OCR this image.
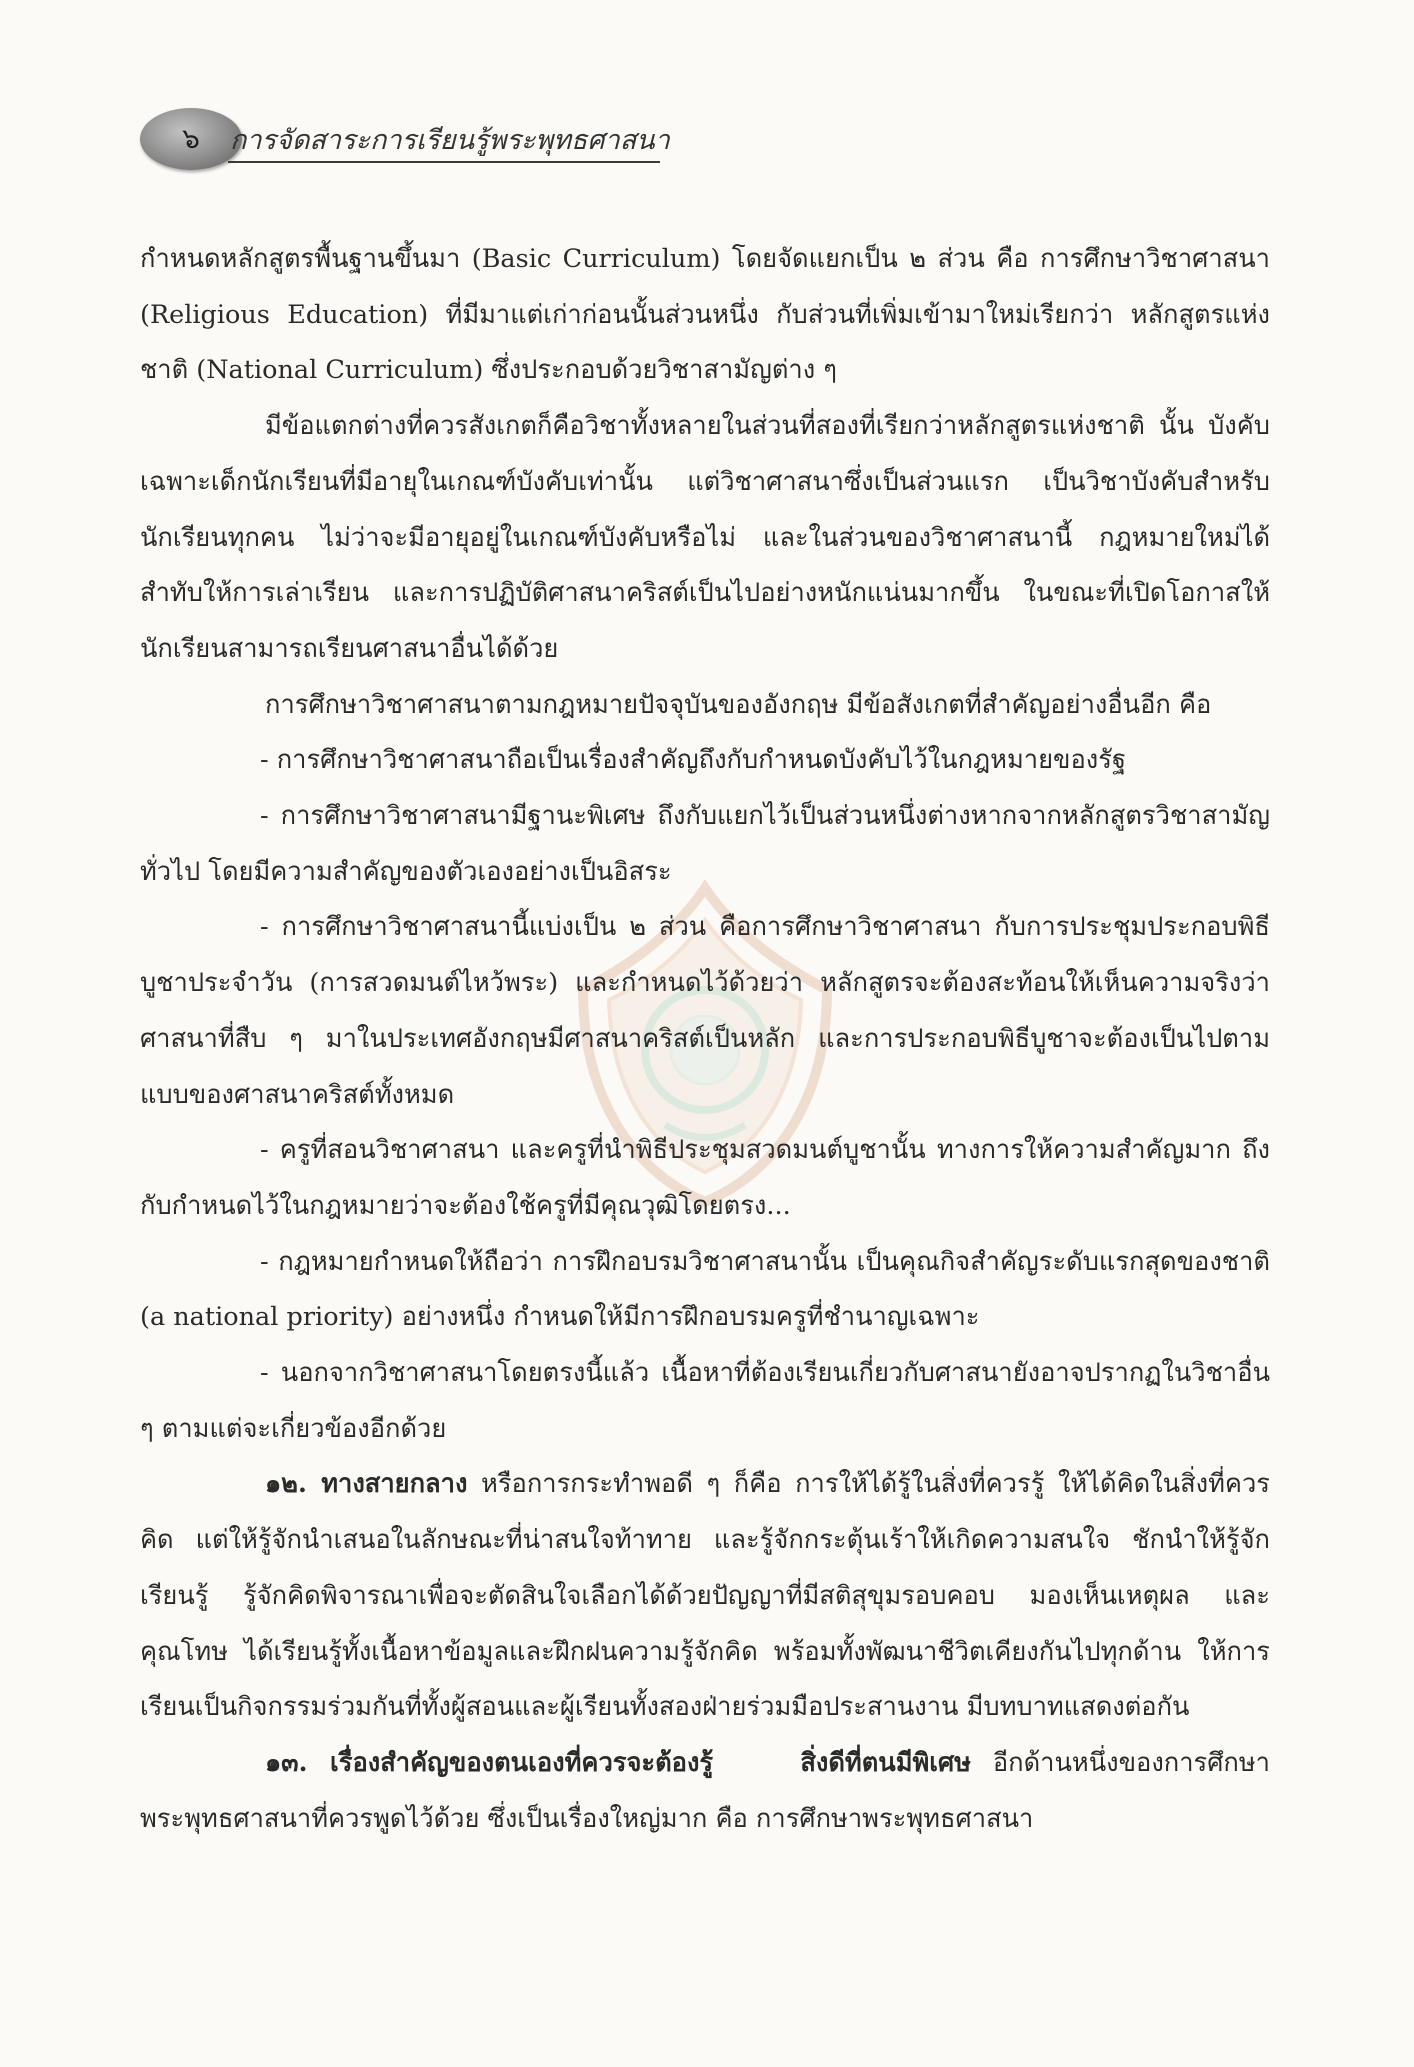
๖ การจัดสาระการเรียนรู้พระพุทธศาสนา

กำหนดหลักสูตรพื้นฐานขึ้นมา (Basic Curriculum) โดยจัดแยกเป็น ๒ ส่วน คือ การศึกษาวิชาศาสนา (Religious Education) ที่มีมาแต่เก่าก่อนนั้นส่วนหนึ่ง กับส่วนที่เพิ่มเข้ามาใหม่เรียกว่า หลักสูตรแห่งชาติ (National Curriculum) ซึ่งประกอบด้วยวิชาสามัญต่าง ๆ

มีข้อแตกต่างที่ควรสังเกตก็คือวิชาทั้งหลายในส่วนที่สองที่เรียกว่าหลักสูตรแห่งชาติ นั้น บังคับเฉพาะเด็กนักเรียนที่มีอายุในเกณฑ์บังคับเท่านั้น แต่วิชาศาสนาซึ่งเป็นส่วนแรก เป็นวิชาบังคับสำหรับนักเรียนทุกคน ไม่ว่าจะมีอายุอยู่ในเกณฑ์บังคับหรือไม่ และในส่วนของวิชาศาสนานี้ กฎหมายใหม่ได้สำทับให้การเล่าเรียน และการปฏิบัติศาสนาคริสต์เป็นไปอย่างหนักแน่นมากขึ้น ในขณะที่เปิดโอกาสให้นักเรียนสามารถเรียนศาสนาอื่นได้ด้วย

การศึกษาวิชาศาสนาตามกฎหมายปัจจุบันของอังกฤษ มีข้อสังเกตที่สำคัญอย่างอื่นอีก คือ

- การศึกษาวิชาศาสนาถือเป็นเรื่องสำคัญถึงกับกำหนดบังคับไว้ในกฎหมายของรัฐ

- การศึกษาวิชาศาสนามีฐานะพิเศษ ถึงกับแยกไว้เป็นส่วนหนึ่งต่างหากจากหลักสูตรวิชาสามัญทั่วไป โดยมีความสำคัญของตัวเองอย่างเป็นอิสระ

- การศึกษาวิชาศาสนานี้แบ่งเป็น ๒ ส่วน คือการศึกษาวิชาศาสนา กับการประชุมประกอบพิธีบูชาประจำวัน (การสวดมนต์ไหว้พระ) และกำหนดไว้ด้วยว่า หลักสูตรจะต้องสะท้อนให้เห็นความจริงว่า ศาสนาที่สืบ ๆ มาในประเทศอังกฤษมีศาสนาคริสต์เป็นหลัก และการประกอบพิธีบูชาจะต้องเป็นไปตามแบบของศาสนาคริสต์ทั้งหมด

- ครูที่สอนวิชาศาสนา และครูที่นำพิธีประชุมสวดมนต์บูชานั้น ทางการให้ความสำคัญมาก ถึงกับกำหนดไว้ในกฎหมายว่าจะต้องใช้ครูที่มีคุณวุฒิโดยตรง...

- กฎหมายกำหนดให้ถือว่า การฝึกอบรมวิชาศาสนานั้น เป็นคุณกิจสำคัญระดับแรกสุดของชาติ (a national priority) อย่างหนึ่ง กำหนดให้มีการฝึกอบรมครูที่ชำนาญเฉพาะ

- นอกจากวิชาศาสนาโดยตรงนี้แล้ว เนื้อหาที่ต้องเรียนเกี่ยวกับศาสนายังอาจปรากฏในวิชาอื่น ๆ ตามแต่จะเกี่ยวข้องอีกด้วย

๑๒. ทางสายกลาง หรือการกระทำพอดี ๆ ก็คือ การให้ได้รู้ในสิ่งที่ควรรู้ ให้ได้คิดในสิ่งที่ควรคิด แต่ให้รู้จักนำเสนอในลักษณะที่น่าสนใจท้าทาย และรู้จักกระตุ้นเร้าให้เกิดความสนใจ ชักนำให้รู้จักเรียนรู้ รู้จักคิดพิจารณาเพื่อจะตัดสินใจเลือกได้ด้วยปัญญาที่มีสติสุขุมรอบคอบ มองเห็นเหตุผล และคุณโทษ ได้เรียนรู้ทั้งเนื้อหาข้อมูลและฝึกฝนความรู้จักคิด พร้อมทั้งพัฒนาชีวิตเคียงกันไปทุกด้าน ให้การเรียนเป็นกิจกรรมร่วมกันที่ทั้งผู้สอนและผู้เรียนทั้งสองฝ่ายร่วมมือประสานงาน มีบทบาทแสดงต่อกัน

๑๓. เรื่องสำคัญของตนเองที่ควรจะต้องรู้	สิ่งดีที่ตนมีพิเศษ อีกด้านหนึ่งของการศึกษาพระพุทธศาสนาที่ควรพูดไว้ด้วย ซึ่งเป็นเรื่องใหญ่มาก คือ การศึกษาพระพุทธศาสนา
